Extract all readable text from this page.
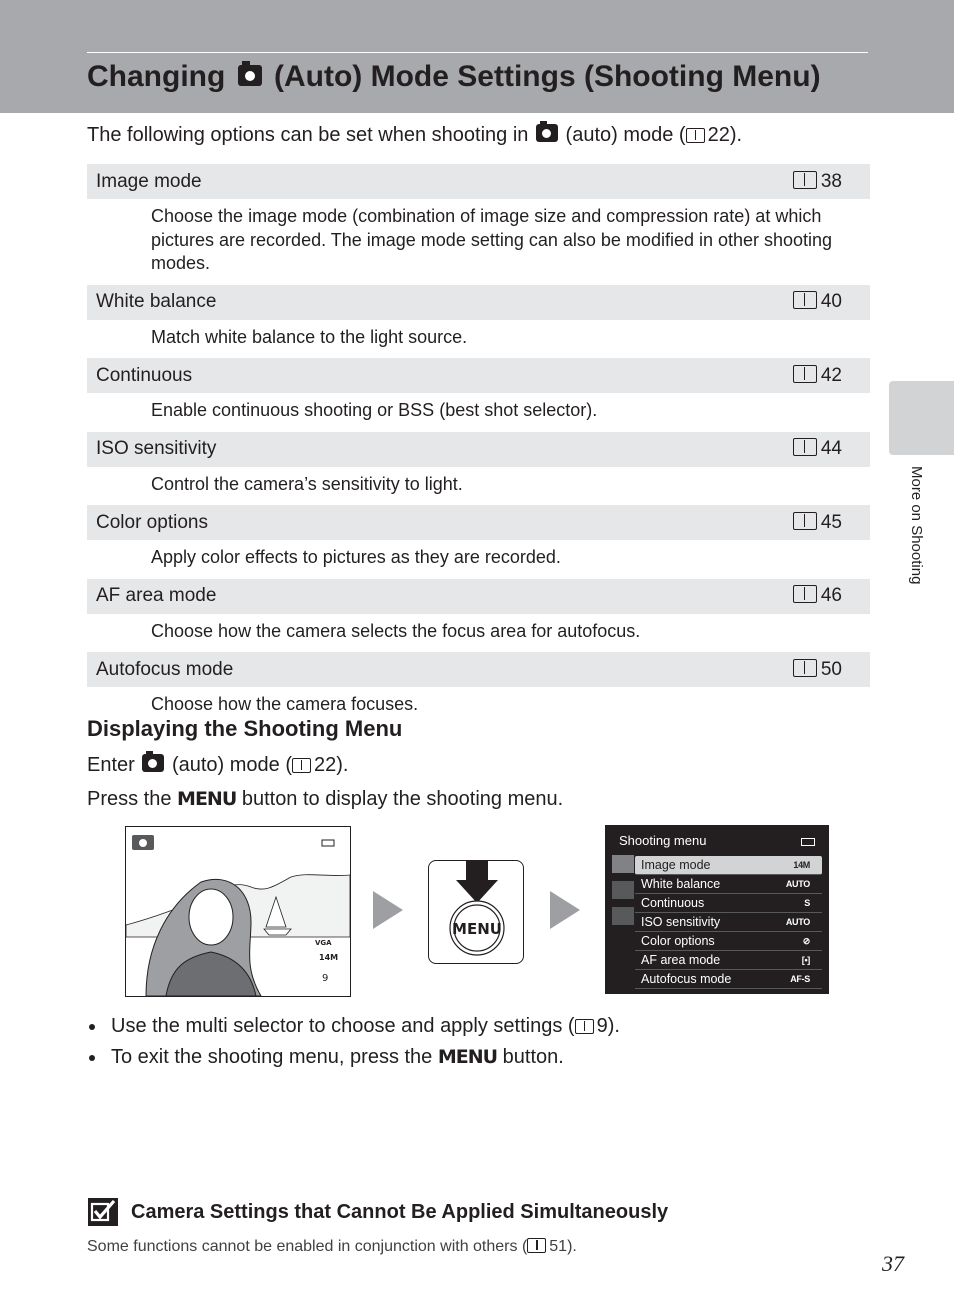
Changing (Auto) Mode Settings (Shooting Menu)
The following options can be set when shooting in (auto) mode ( 22).
Image mode	38
Choose the image mode (combination of image size and compression rate) at which pictures are recorded. The image mode setting can also be modified in other shooting modes.
White balance	40
Match white balance to the light source.
Continuous	42
Enable continuous shooting or BSS (best shot selector).
ISO sensitivity	44
Control the camera’s sensitivity to light.
Color options	45
Apply color effects to pictures as they are recorded.
AF area mode	46
Choose how the camera selects the focus area for autofocus.
Autofocus mode	50
Choose how the camera focuses.
Displaying the Shooting Menu
Enter (auto) mode ( 22).
Press the MENU button to display the shooting menu.
VGA
14M
9
MENU
Shooting menu
Image mode	14M
White balance	AUTO
Continuous	S
ISO sensitivity	AUTO
Color options	⊘
AF area mode	[•]
Autofocus mode	AF-S
Use the multi selector to choose and apply settings ( 9).
To exit the shooting menu, press the MENU button.
More on Shooting
Camera Settings that Cannot Be Applied Simultaneously
Some functions cannot be enabled in conjunction with others ( 51).
37
